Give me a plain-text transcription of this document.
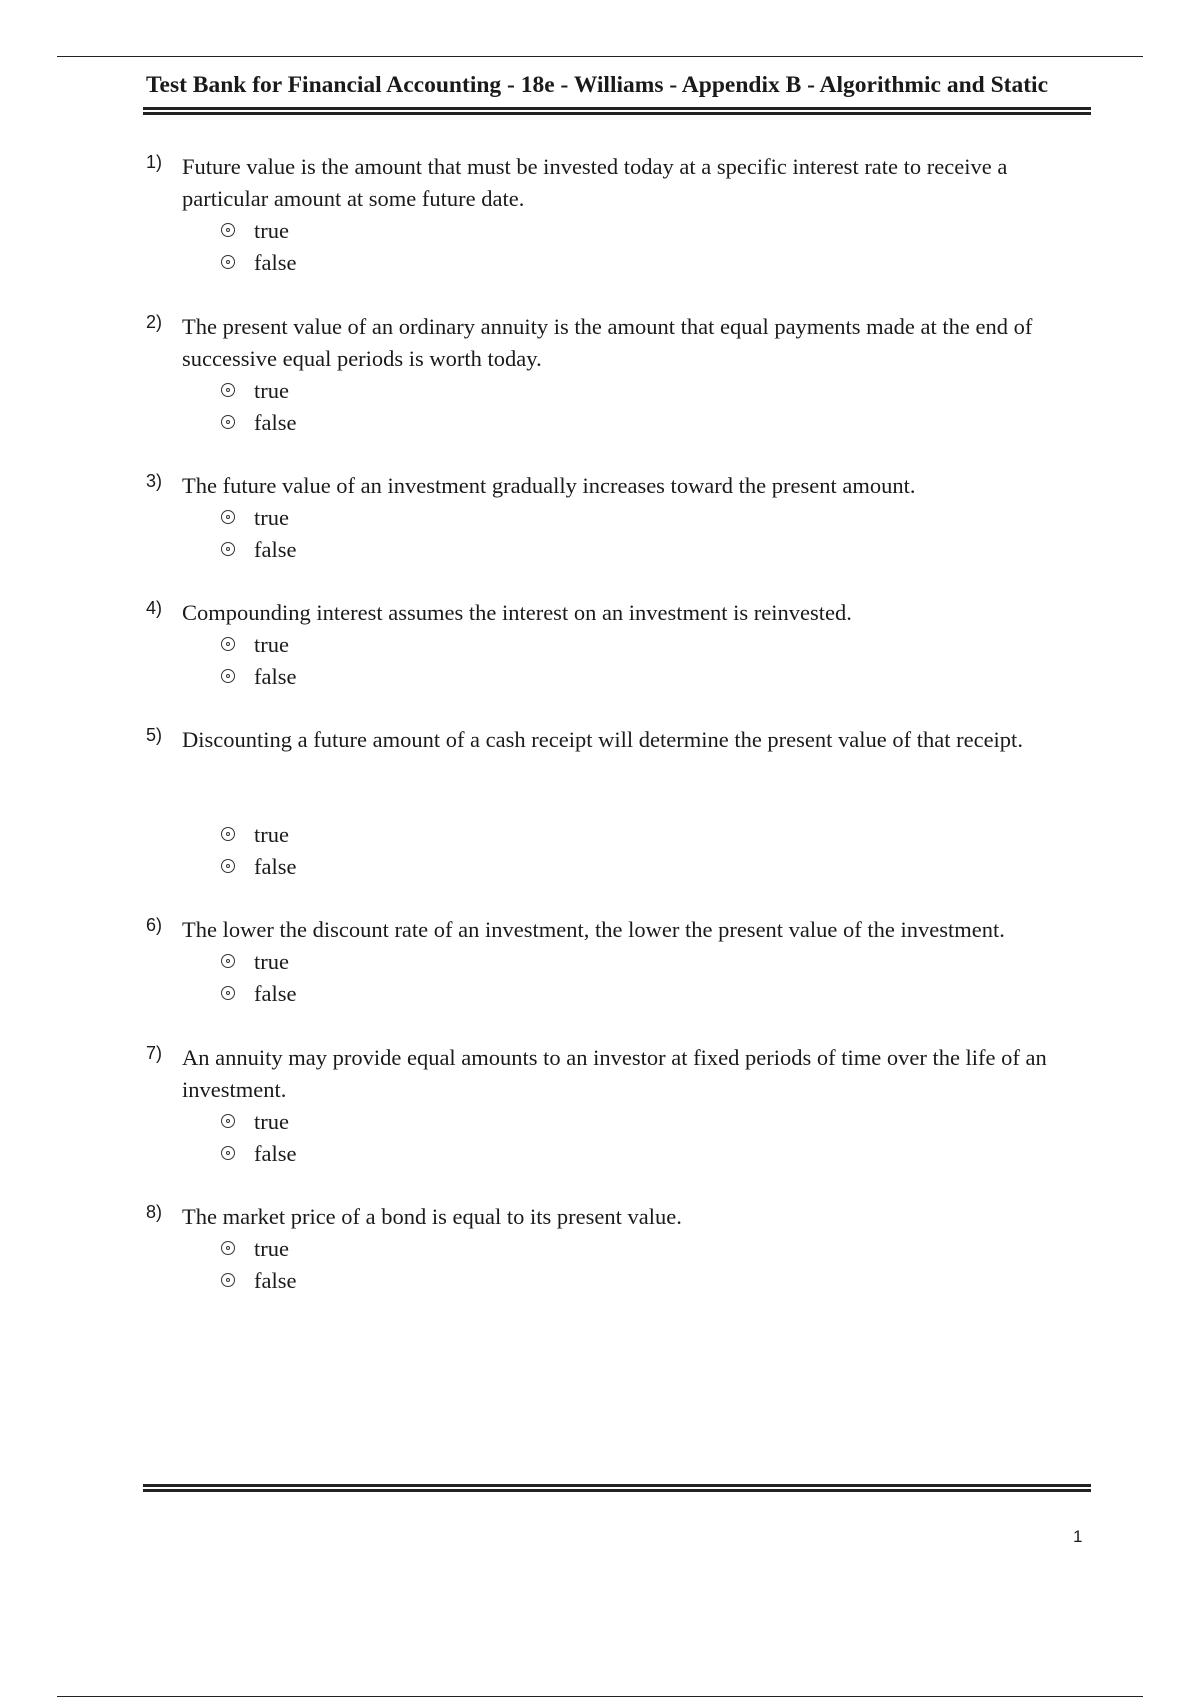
Test Bank for Financial Accounting - 18e - Williams - Appendix B - Algorithmic and Static
1) Future value is the amount that must be invested today at a specific interest rate to receive a particular amount at some future date.
true
false
2) The present value of an ordinary annuity is the amount that equal payments made at the end of successive equal periods is worth today.
true
false
3) The future value of an investment gradually increases toward the present amount.
true
false
4) Compounding interest assumes the interest on an investment is reinvested.
true
false
5) Discounting a future amount of a cash receipt will determine the present value of that receipt.
true
false
6) The lower the discount rate of an investment, the lower the present value of the investment.
true
false
7) An annuity may provide equal amounts to an investor at fixed periods of time over the life of an investment.
true
false
8) The market price of a bond is equal to its present value.
true
false
1
